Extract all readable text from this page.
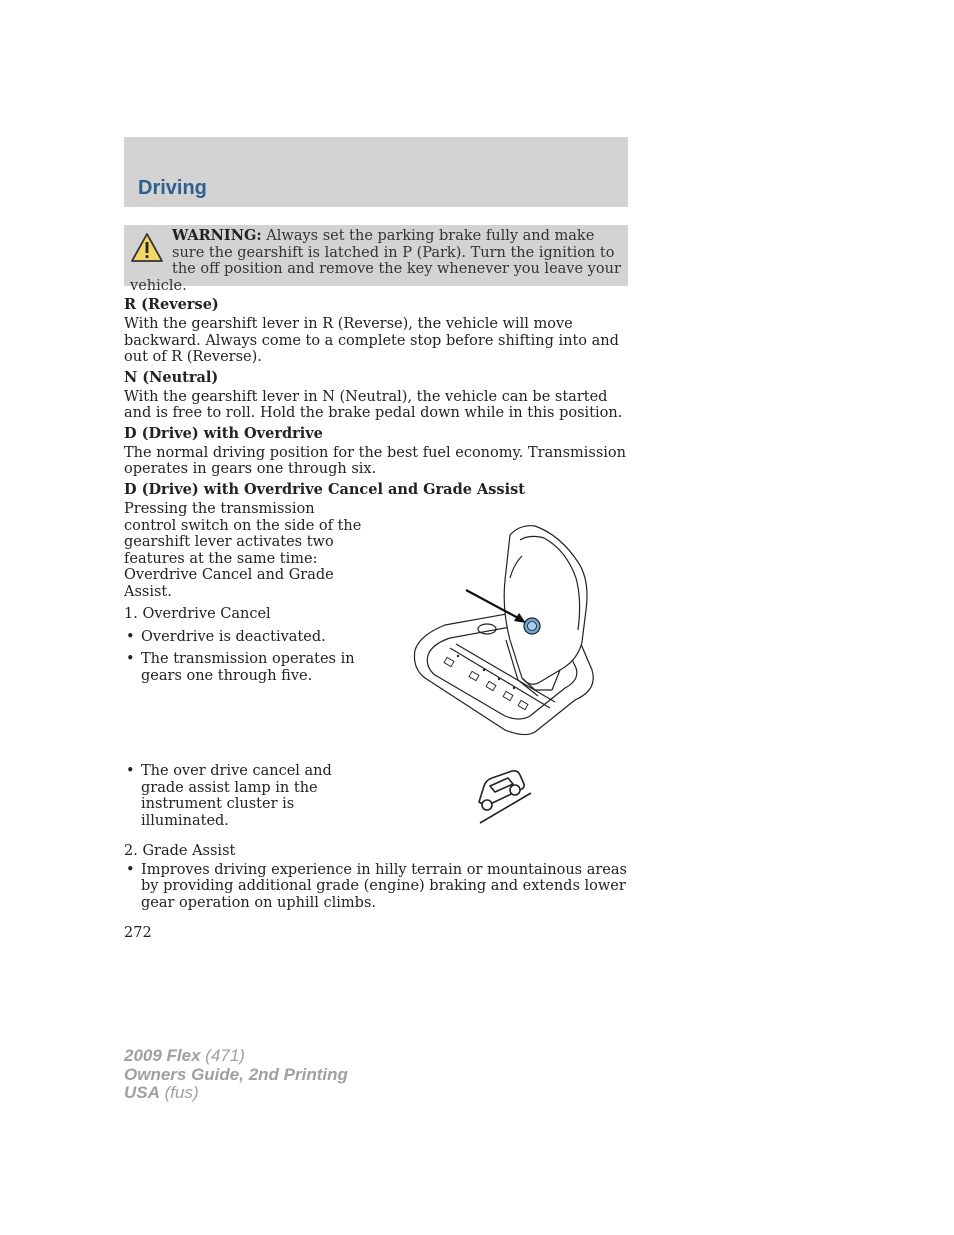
Driving
WARNING: Always set the parking brake fully and make sure the gearshift is latched in P (Park). Turn the ignition to the off position and remove the key whenever you leave your vehicle.
R (Reverse)

With the gearshift lever in R (Reverse), the vehicle will move backward. Always come to a complete stop before shifting into and out of R (Reverse).

N (Neutral)

With the gearshift lever in N (Neutral), the vehicle can be started and is free to roll. Hold the brake pedal down while in this position.

D (Drive) with Overdrive

The normal driving position for the best fuel economy. Transmission operates in gears one through six.

D (Drive) with Overdrive Cancel and Grade Assist

Pressing the transmission control switch on the side of the gearshift lever activates two features at the same time: Overdrive Cancel and Grade Assist.

1. Overdrive Cancel

• Overdrive is deactivated.

• The transmission operates in gears one through five.

• The over drive cancel and grade assist lamp in the instrument cluster is illuminated.

2. Grade Assist

• Improves driving experience in hilly terrain or mountainous areas by providing additional grade (engine) braking and extends lower gear operation on uphill climbs.

272
2009 Flex (471)
Owners Guide, 2nd Printing
USA (fus)
